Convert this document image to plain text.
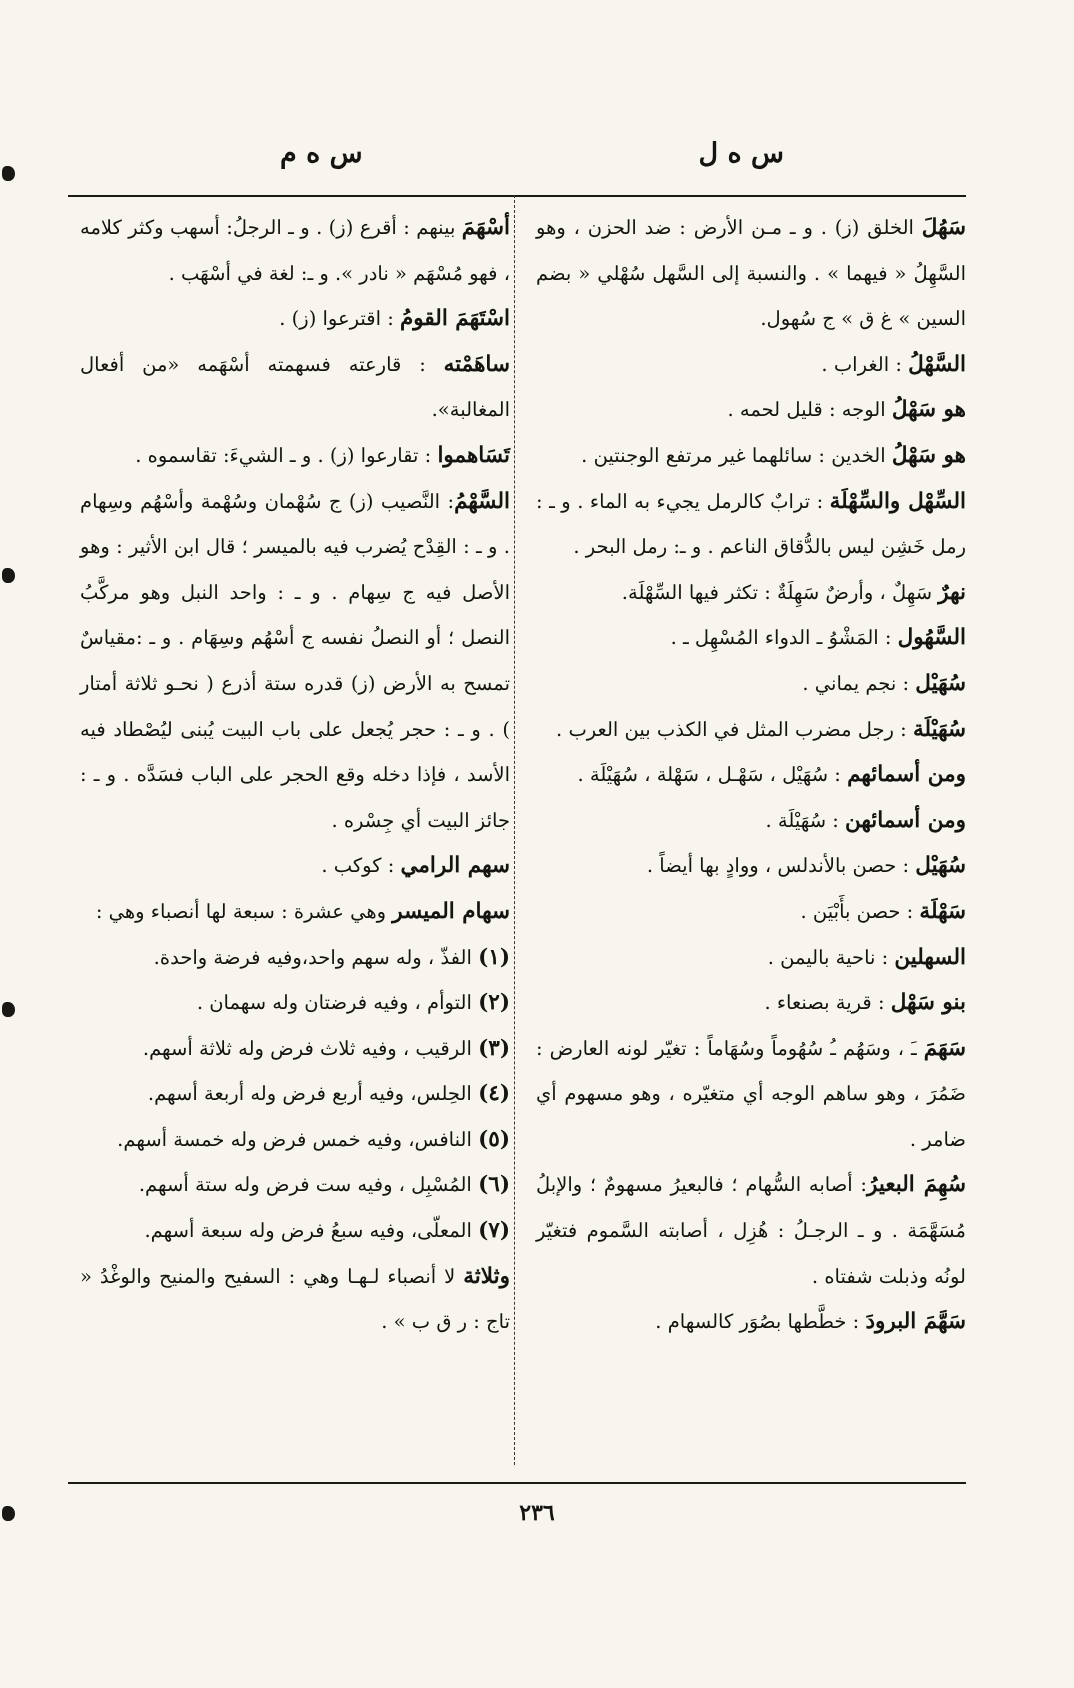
س ه ل
س ه م

سَهُلَ الخلق (ز) . و ـ مـن الأرض : ضد الحزن ، وهو السَّهِلُ « فيهما » . والنسبة إلى السَّهل سُهْلي « بضم السين » غ ق » ج سُهول.

السَّهْلُ : الغراب .

هو سَهْلُ الوجه : قليل لحمه .

هو سَهْلُ الخدين : سائلهما غير مرتفع الوجنتين .

السِّهْل والسِّهْلَة : ترابٌ كالرمل يجيء به الماء . و ـ : رمل خَشِن ليس بالدُّقاق الناعم . و ـ: رمل البحر .

نهرٌ سَهِلٌ ، وأرضٌ سَهِلَةٌ : تكثر فيها السِّهْلَة.

السَّهُول : المَشْوُ ـ الدواء المُسْهِل ـ .

سُهَيْل : نجم يماني .

سُهَيْلَة : رجل مضرب المثل في الكذب بين العرب .

ومن أسمائهم : سُهَيْل ، سَهْـل ، سَهْلة ، سُهَيْلَة .

ومن أسمائهن : سُهَيْلَة .

سُهَيْل : حصن بالأندلس ، ووادٍ بها أيضاً .

سَهْلَة : حصن بأَبْيَن .

السهلين : ناحية باليمن .

بنو سَهْل : قرية بصنعاء .

سَهَمَ ـَ ، وسَهُم ـُ سُهُوماً وسُهَاماً : تغيّر لونه العارض : ضَمُرَ ، وهو ساهم الوجه أي متغيّره ، وهو مسهوم أي ضامر .

سُهِمَ البعيرُ: أصابه السُّهام ؛ فالبعيرُ مسهومٌ ؛ والإبلُ مُسَهَّمَة . و ـ الرجـلُ : هُزِل ، أصابته السَّموم فتغيّر لونُه وذبلت شفتاه .

سَهَّمَ البرودَ : خطَّطها بصُوَر كالسهام .

أسْهَمَ بينهم : أقرع (ز) . و ـ الرجلُ: أسهب وكثر كلامه ، فهو مُسْهَم « نادر ». و ـ: لغة في أسْهَب .

اسْتَهَمَ القومُ : اقترعوا (ز) .

ساهَمْته : قارعته فسهمته أسْهَمه «من أفعال المغالبة».

تَسَاهموا : تقارعوا (ز) . و ـ الشيءَ: تقاسموه .

السَّهْمُ: النَّصيب (ز) ج سُهْمان وسُهْمة وأسْهُم وسِهام . و ـ : القِدْح يُضرب فيه بالميسر ؛ قال ابن الأثير : وهو الأصل فيه ج سِهام . و ـ : واحد النبل وهو مركَّبُ النصل ؛ أو النصلُ نفسه ج أسْهُم وسِهَام . و ـ :مقياسٌ تمسح به الأرض (ز) قدره ستة أذرع ( نحـو ثلاثة أمتار ) . و ـ : حجر يُجعل على باب البيت يُبنى ليُصْطاد فيه الأسد ، فإذا دخله وقع الحجر على الباب فسَدَّه . و ـ : جائز البيت أي جِسْره .

سهم الرامي : كوكب .

سهام الميسر وهي عشرة : سبعة لها أنصباء وهي :

(١) الفذّ ، وله سهم واحد،وفيه فرضة واحدة.

(٢) التوأم ، وفيه فرضتان وله سهمان .

(٣) الرقيب ، وفيه ثلاث فرض وله ثلاثة أسهم.

(٤) الحِلس، وفيه أربع فرض وله أربعة أسهم.

(٥) النافس، وفيه خمس فرض وله خمسة أسهم.

(٦) المُسْبِل ، وفيه ست فرض وله ستة أسهم.

(٧) المعلّى، وفيه سبعُ فرض وله سبعة أسهم.

وثلاثة لا أنصباء لـهـا وهي : السفيح والمنيح والوغْدُ « تاج : ر ق ب » .

٢٣٦
